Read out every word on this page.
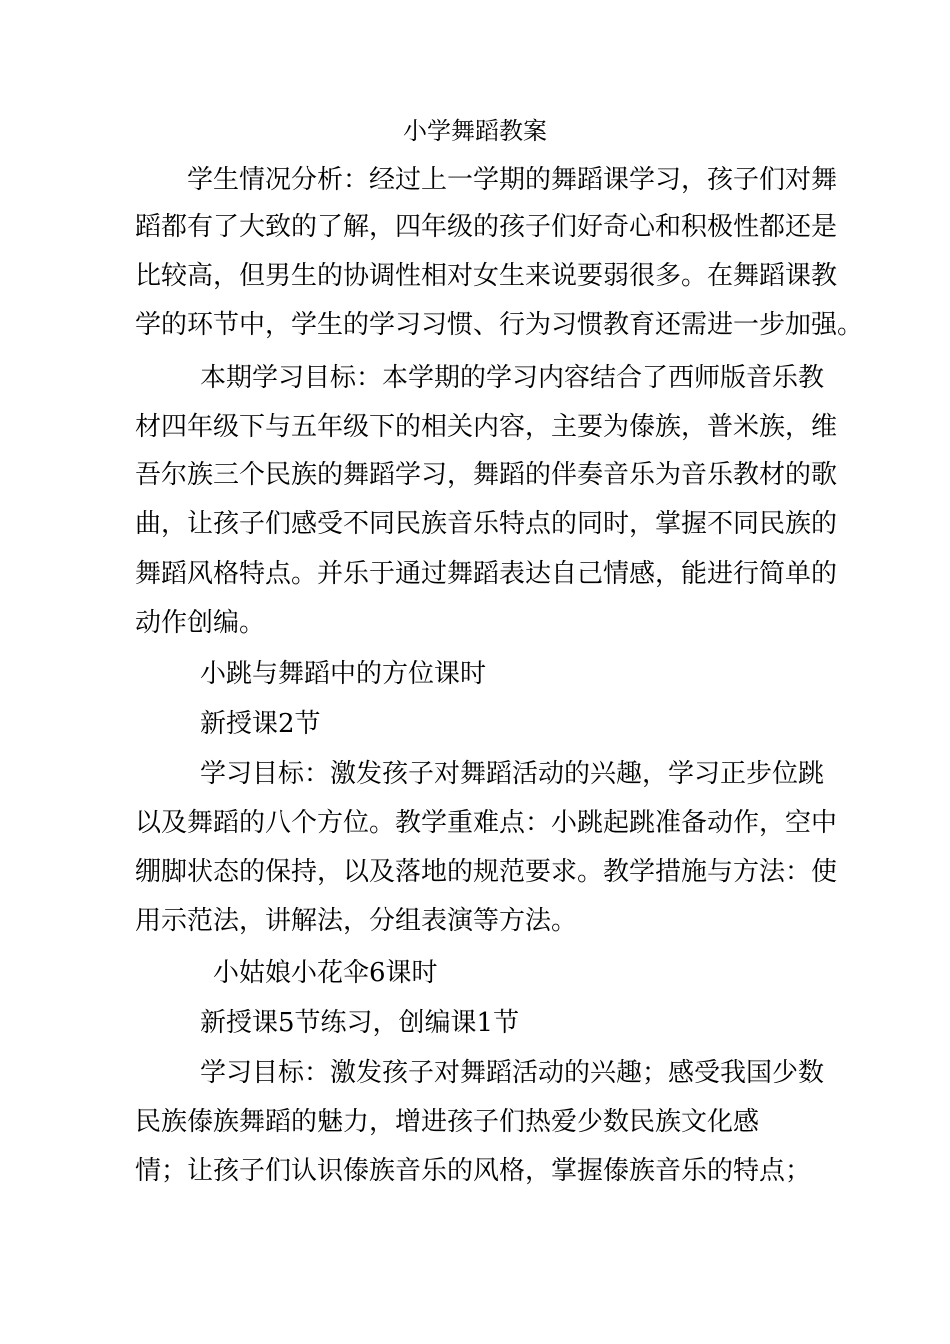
小学舞蹈教案

学生情况分析：经过上一学期的舞蹈课学习，孩子们对舞

蹈都有了大致的了解，四年级的孩子们好奇心和积极性都还是

比较高，但男生的协调性相对女生来说要弱很多。在舞蹈课教

学的环节中，学生的学习习惯、行为习惯教育还需进一步加强。

本期学习目标：本学期的学习内容结合了西师版音乐教

材四年级下与五年级下的相关内容，主要为傣族，普米族，维

吾尔族三个民族的舞蹈学习，舞蹈的伴奏音乐为音乐教材的歌

曲，让孩子们感受不同民族音乐特点的同时，掌握不同民族的

舞蹈风格特点。并乐于通过舞蹈表达自己情感，能进行简单的

动作创编。

小跳与舞蹈中的方位课时

新授课2节

学习目标：激发孩子对舞蹈活动的兴趣，学习正步位跳

以及舞蹈的八个方位。教学重难点：小跳起跳准备动作，空中

绷脚状态的保持，以及落地的规范要求。教学措施与方法：使

用示范法，讲解法，分组表演等方法。

小姑娘小花伞6课时

新授课5节练习，创编课1节

学习目标：激发孩子对舞蹈活动的兴趣；感受我国少数

民族傣族舞蹈的魅力，增进孩子们热爱少数民族文化感

情；让孩子们认识傣族音乐的风格，掌握傣族音乐的特点；
